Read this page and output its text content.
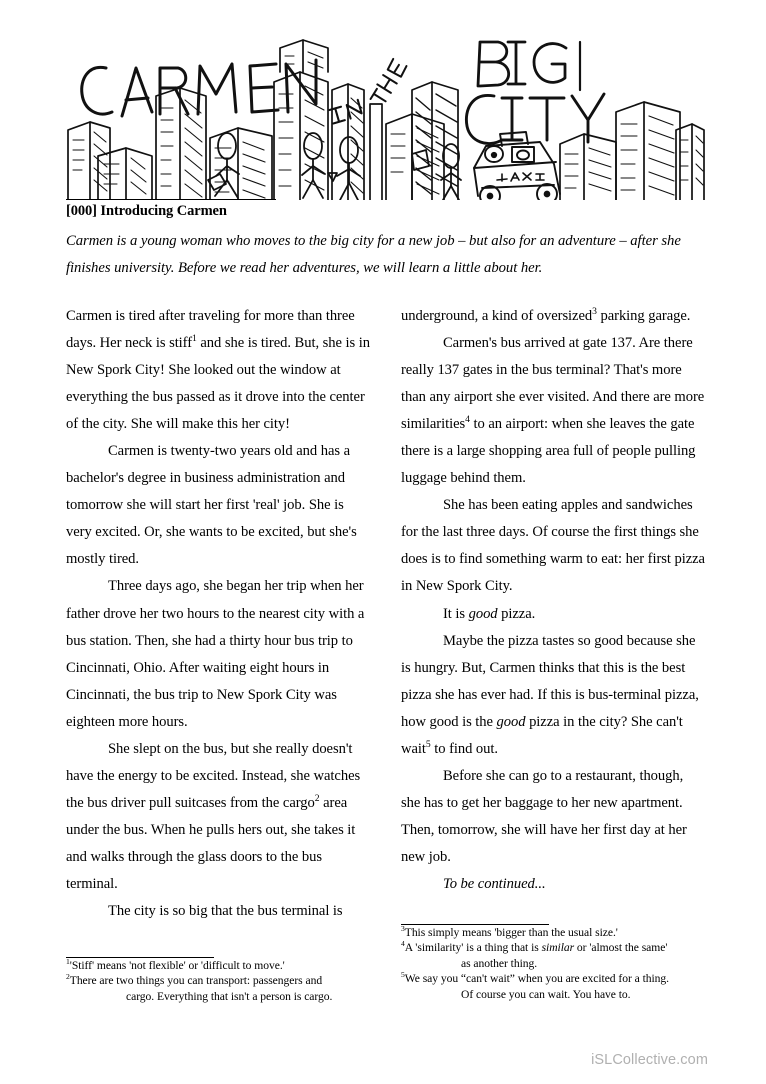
[000] Introducing Carmen
Carmen is a young woman who moves to the big city for a new job – but also for an adventure – after she finishes university. Before we read her adventures, we will learn a little about her.

Carmen is tired after traveling for more than three days. Her neck is stiff$^1$ and she is tired. But, she is in New Spork City! She looked out the window at everything the bus passed as it drove into the center of the city. She will make this her city!

Carmen is twenty-two years old and has a bachelor's degree in business administration and tomorrow she will start her first 'real' job. She is very excited. Or, she wants to be excited, but she's mostly tired.

Three days ago, she began her trip when her father drove her two hours to the nearest city with a bus station. Then, she had a thirty hour bus trip to Cincinnati, Ohio. After waiting eight hours in Cincinnati, the bus trip to New Spork City was eighteen more hours.

She slept on the bus, but she really doesn't have the energy to be excited. Instead, she watches the bus driver pull suitcases from the cargo$^2$ area under the bus. When he pulls hers out, she takes it and walks through the glass doors to the bus terminal.

The city is so big that the bus terminal is

underground, a kind of oversized$^3$ parking garage.

Carmen's bus arrived at gate 137. Are there really 137 gates in the bus terminal? That's more than any airport she ever visited. And there are more similarities$^4$ to an airport: when she leaves the gate there is a large shopping area full of people pulling luggage behind them.

She has been eating apples and sandwiches for the last three days. Of course the first things she does is to find something warm to eat: her first pizza in New Spork City.

It is good pizza.

Maybe the pizza tastes so good because she is hungry. But, Carmen thinks that this is the best pizza she has ever had. If this is bus-terminal pizza, how good is the good pizza in the city? She can't wait$^5$ to find out.

Before she can go to a restaurant, though, she has to get her baggage to her new apartment. Then, tomorrow, she will have her first day at her new job.

To be continued...

$^1$'Stiff' means 'not flexible' or 'difficult to move.'

$^2$There are two things you can transport: passengers and
cargo. Everything that isn't a person is cargo.

$^3$This simply means 'bigger than the usual size.'

$^4$A 'similarity' is a thing that is similar or 'almost the same'
as another thing.

$^5$We say you “can't wait” when you are excited for a thing.
Of course you can wait. You have to.

iSLCollective.com
